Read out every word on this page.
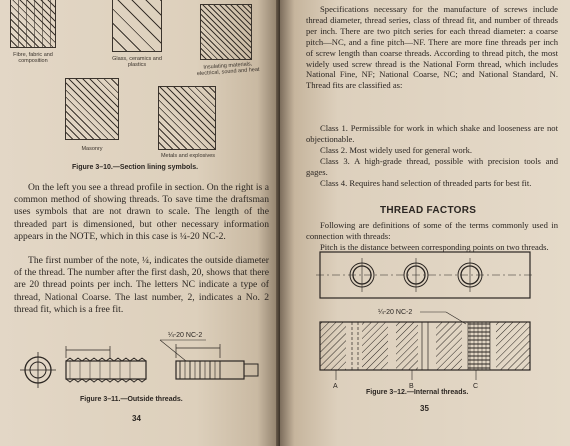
Fibre, fabric and composition	Glass, ceramics and plastics	Insulating materials, electrical, sound and heat
Masonry
Metals and explosives
Figure 3–10.—Section lining symbols.
On the left you see a thread profile in section. On the right is a common method of showing threads. To save time the draftsman uses symbols that are not drawn to scale. The length of the threaded part is dimensioned, but other necessary information appears in the NOTE, which in this case is ¼-20 NC-2.
The first number of the note, ¼, indicates the outside diameter of the thread. The number after the first dash, 20, shows that there are 20 thread points per inch. The letters NC indicate a type of thread, National Coarse. The last number, 2, indicates a No. 2 thread fit, which is a free fit.
¼-20 NC-2
Figure 3–11.—Outside threads.
34
Specifications necessary for the manufacture of screws include thread diameter, thread series, class of thread fit, and number of threads per inch. There are two pitch series for each thread diameter: a coarse pitch—NC, and a fine pitch—NF. There are more fine threads per inch of screw length than coarse threads. According to thread pitch, the most widely used screw thread is the National Form thread, which includes National Fine, NF; National Coarse, NC; and National Standard, N. Thread fits are classified as:
Class 1. Permissible for work in which shake and looseness are not objectionable.
Class 2. Most widely used for general work.
Class 3. A high-grade thread, possible with precision tools and gages.
Class 4. Requires hand selection of threaded parts for best fit.
THREAD FACTORS
Following are definitions of some of the terms commonly used in connection with threads:
Pitch is the distance between corresponding points on two threads.
¼-20 NC-2
A	B	C
Figure 3–12.—Internal threads.
35
